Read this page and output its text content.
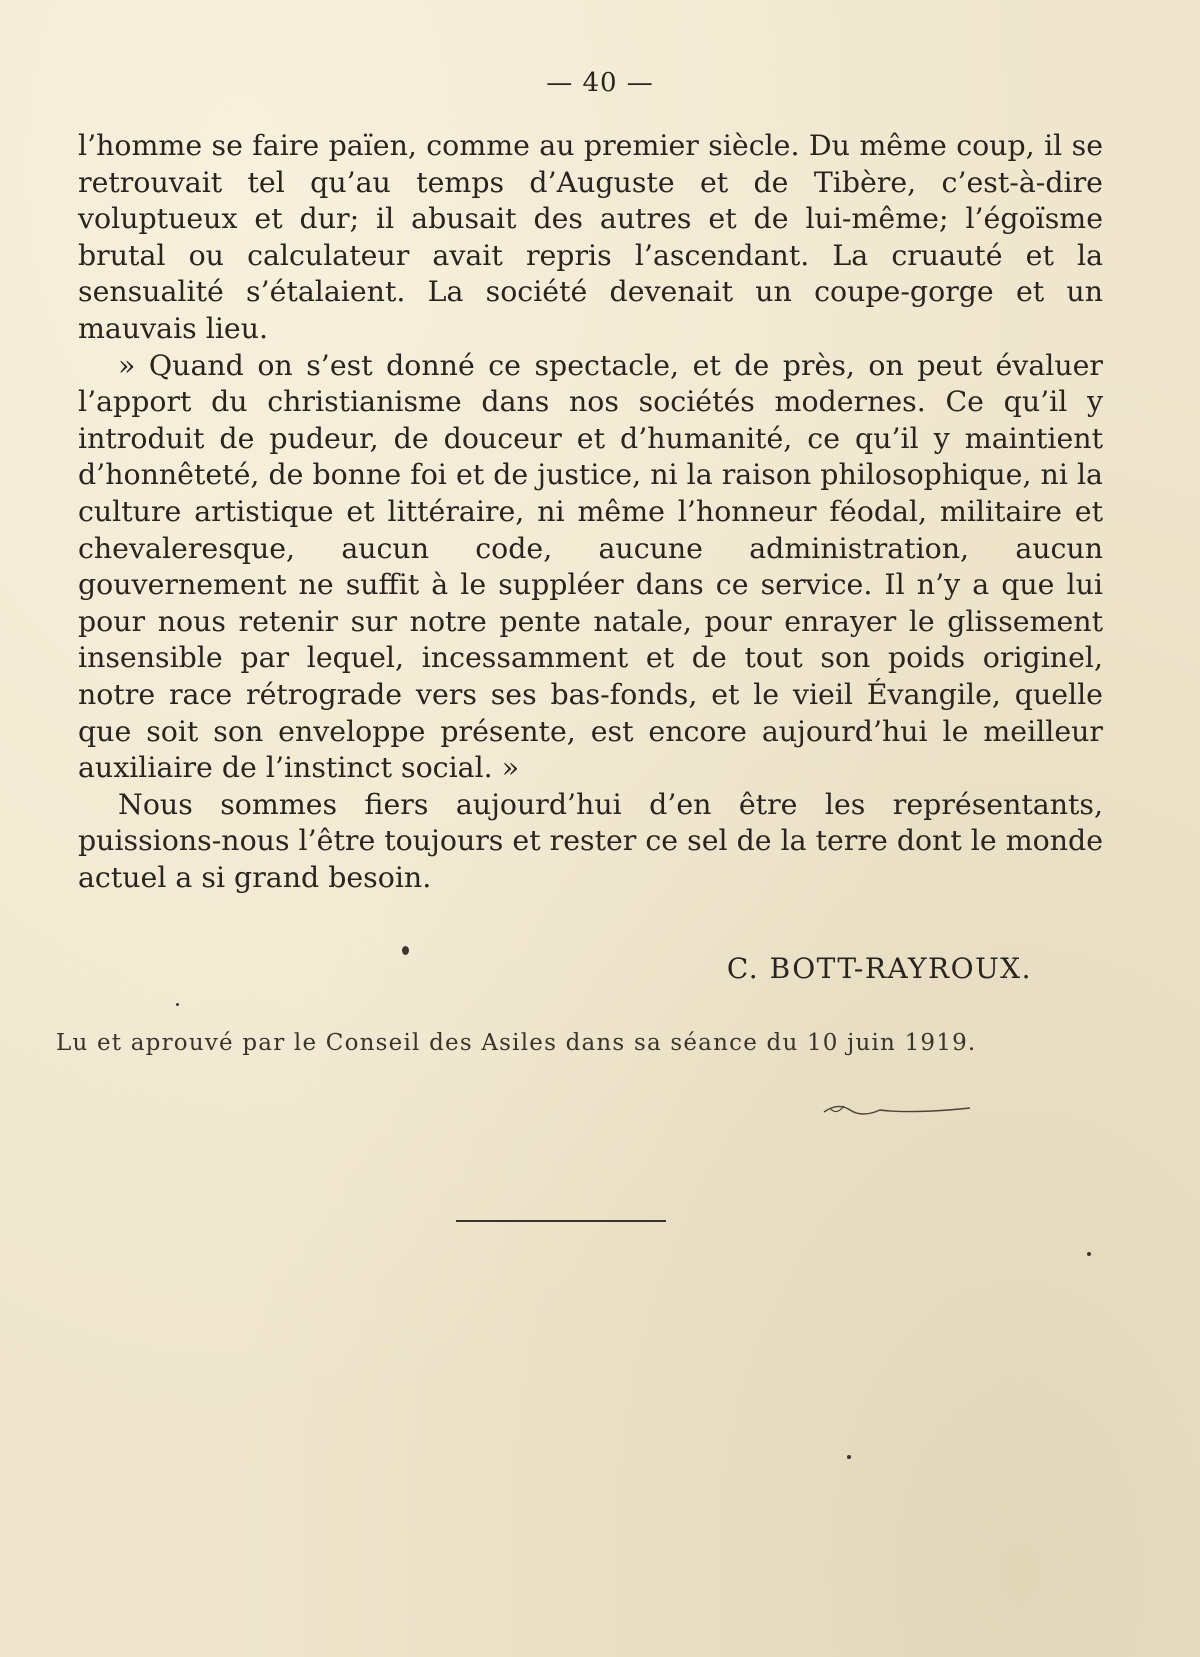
— 40 —

l’homme se faire païen, comme au premier siècle. Du même coup, il se retrouvait tel qu’au temps d’Auguste et de Tibère, c’est-à-dire voluptueux et dur; il abusait des autres et de lui-même; l’égoïsme brutal ou calculateur avait repris l’ascendant. La cruauté et la sensualité s’étalaient. La société devenait un coupe-gorge et un mauvais lieu.

» Quand on s’est donné ce spectacle, et de près, on peut évaluer l’apport du christianisme dans nos sociétés modernes. Ce qu’il y introduit de pudeur, de douceur et d’humanité, ce qu’il y maintient d’honnêteté, de bonne foi et de justice, ni la raison philosophique, ni la culture artistique et littéraire, ni même l’honneur féodal, militaire et chevaleresque, aucun code, aucune administration, aucun gouvernement ne suffit à le suppléer dans ce service. Il n’y a que lui pour nous retenir sur notre pente natale, pour enrayer le glissement insensible par lequel, incessamment et de tout son poids originel, notre race rétrograde vers ses bas-fonds, et le vieil Évangile, quelle que soit son enveloppe présente, est encore aujourd’hui le meilleur auxiliaire de l’instinct social. »

Nous sommes fiers aujourd’hui d’en être les représentants, puissions-nous l’être toujours et rester ce sel de la terre dont le monde actuel a si grand besoin.

C. BOTT-RAYROUX.
Lu et aprouvé par le Conseil des Asiles dans sa séance du 10 juin 1919.
